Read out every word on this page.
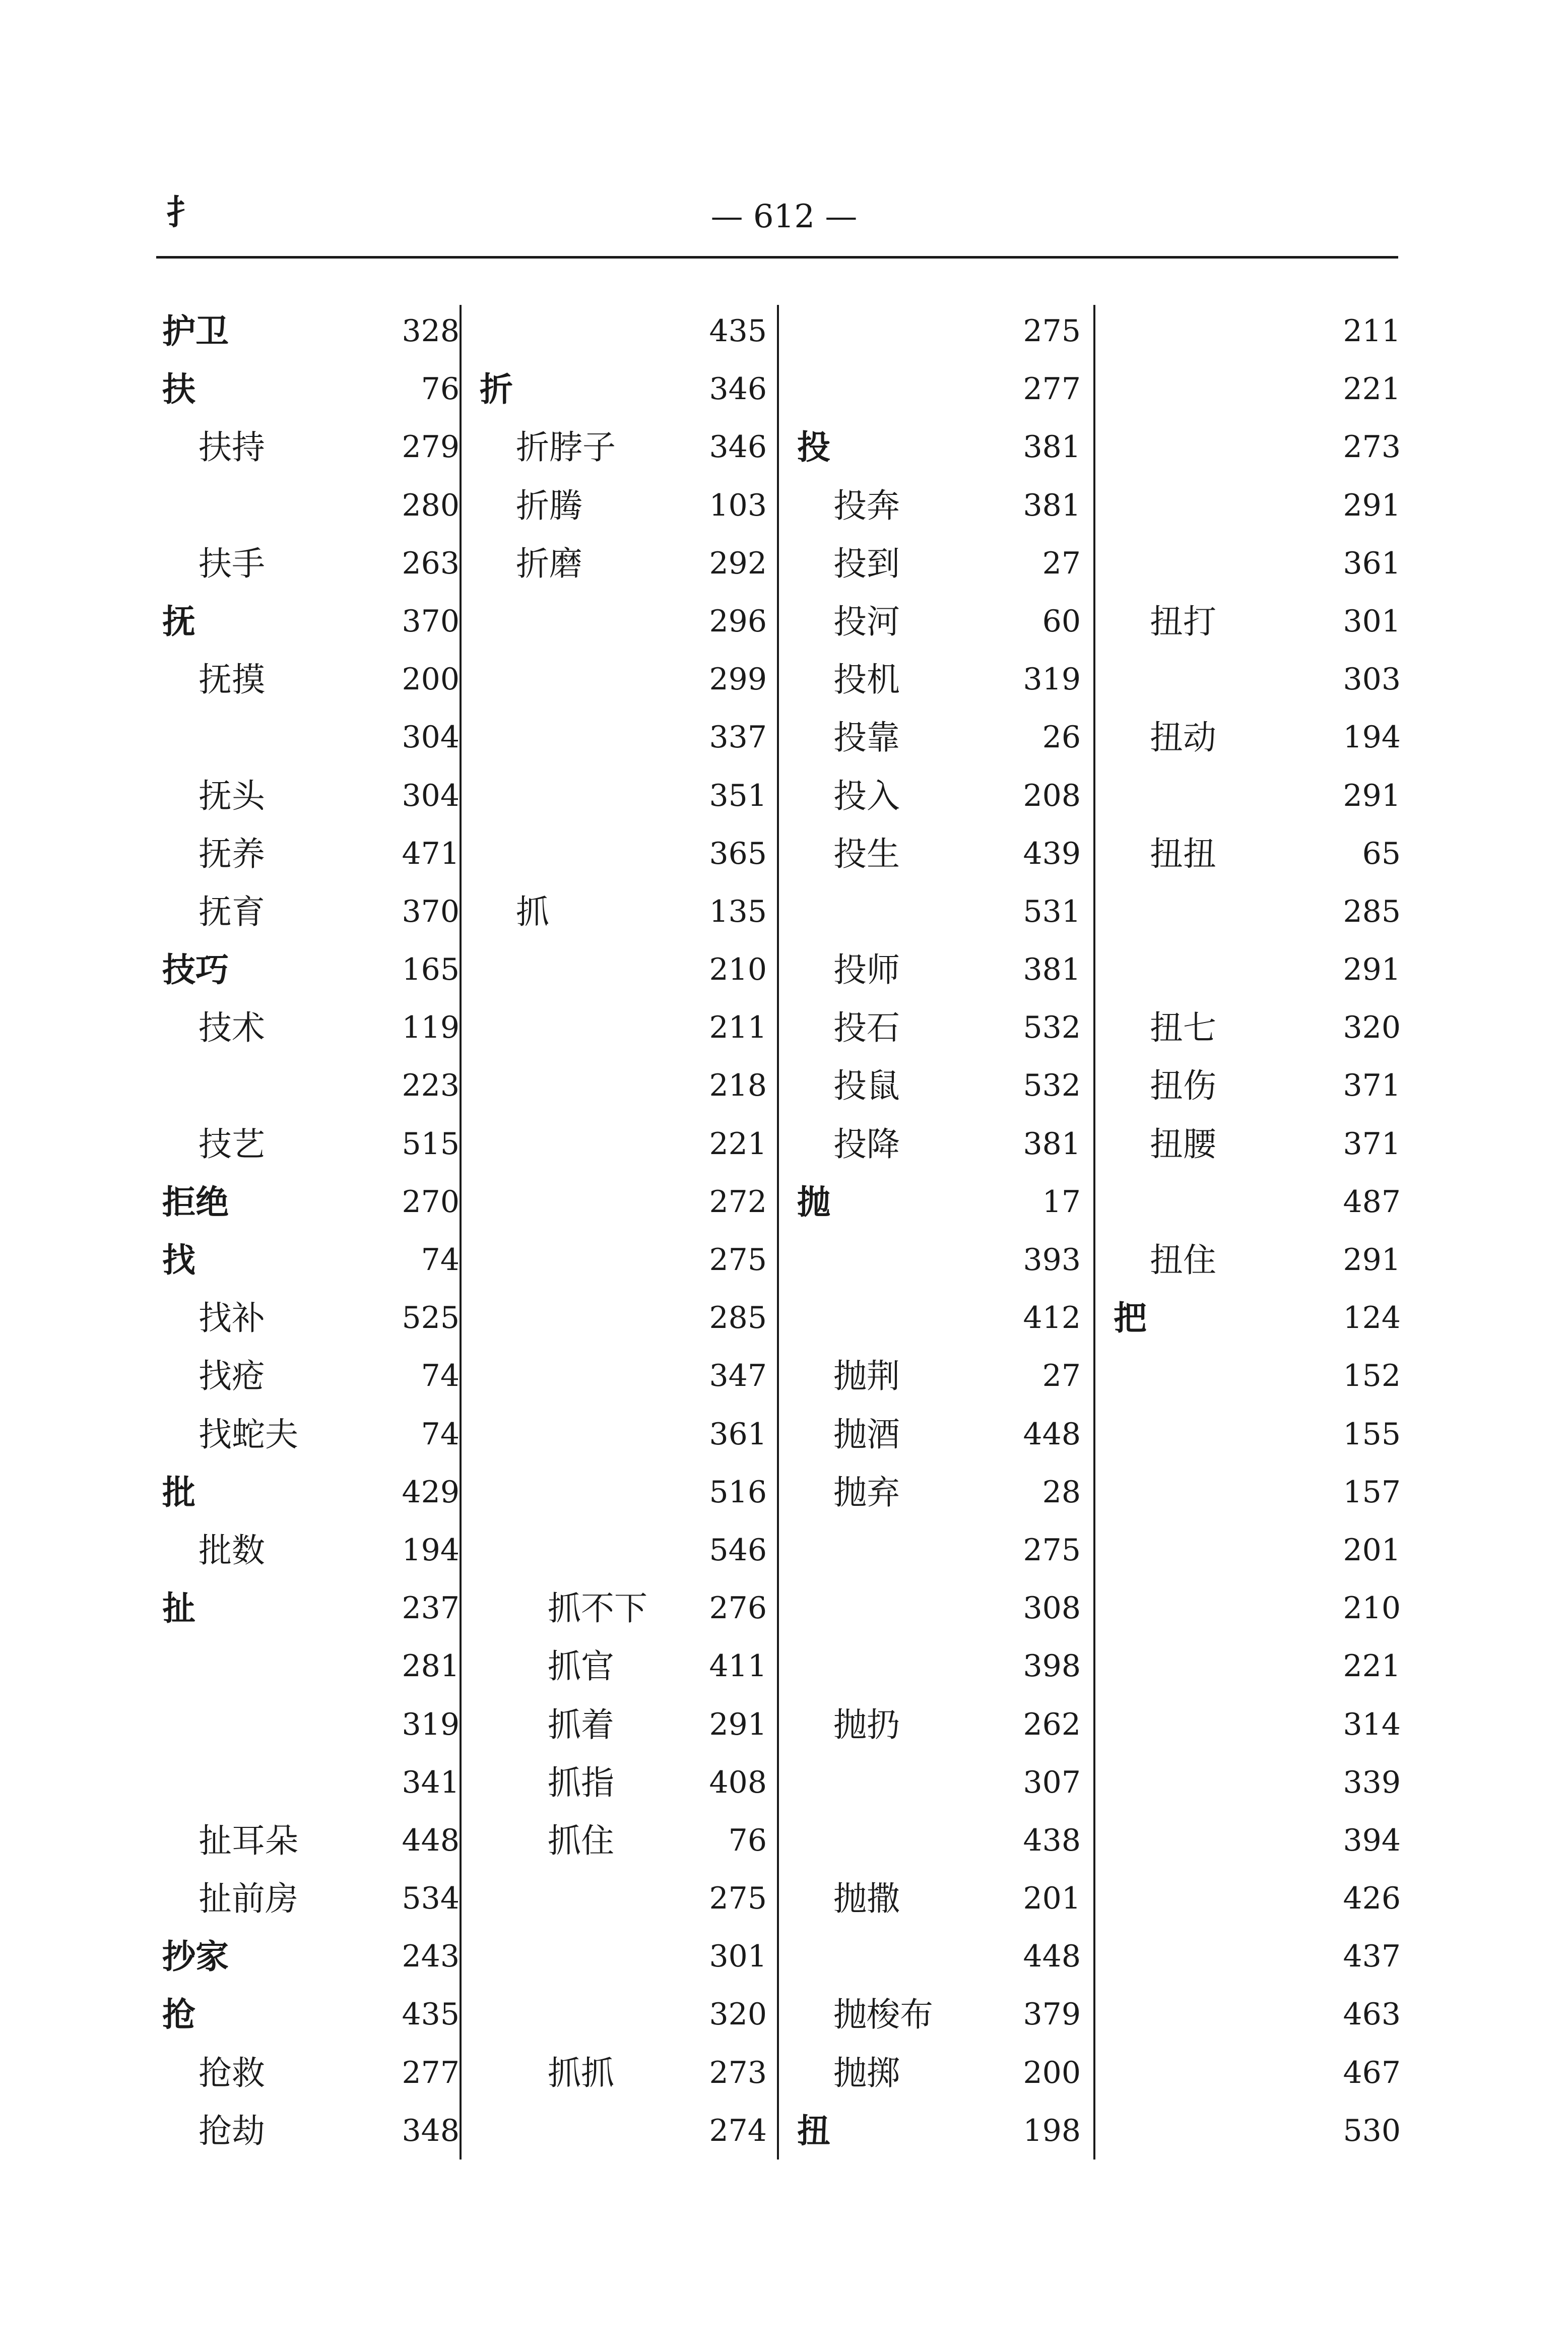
扌	— 612 —
护卫	328
扶	76
扶持	279
280
扶手	263
抚	370
抚摸	200
304
抚头	304
抚养	471
抚育	370
技巧	165
技术	119
223
技艺	515
拒绝	270
找	74
找补	525
找疮	74
找蛇夫	74
批	429
批数	194
扯	237
281
319
341
扯耳朵	448
扯前房	534
抄家	243
抢	435
抢救	277
抢劫	348
435
折	346
折脖子	346
折腾	103
折磨	292
296
299
337
351
365
抓	135
210
211
218
221
272
275
285
347
361
516
546
抓不下 276
抓官	411
抓着	291
抓指	408
抓住	76
275
301
320
抓抓	273
274
275
277
投	381
投奔	381
投到	27
投河	60
投机	319
投靠	26
投入	208
投生	439
531
投师	381
投石	532
投鼠	532
投降	381
抛	17
393
412
抛荆	27
抛酒	448
抛弃	28
275
308
398
抛扔	262
307
438
抛撒	201
448
抛梭布	379
抛掷	200
扭	198
211
221
273
291
361
扭打	301
303
扭动	194
291
扭扭	65
285
291
扭七	320
扭伤	371
扭腰	371
487
扭住	291
把	124
152
155
157
201
210
221
314
339
394
426
437
463
467
530
